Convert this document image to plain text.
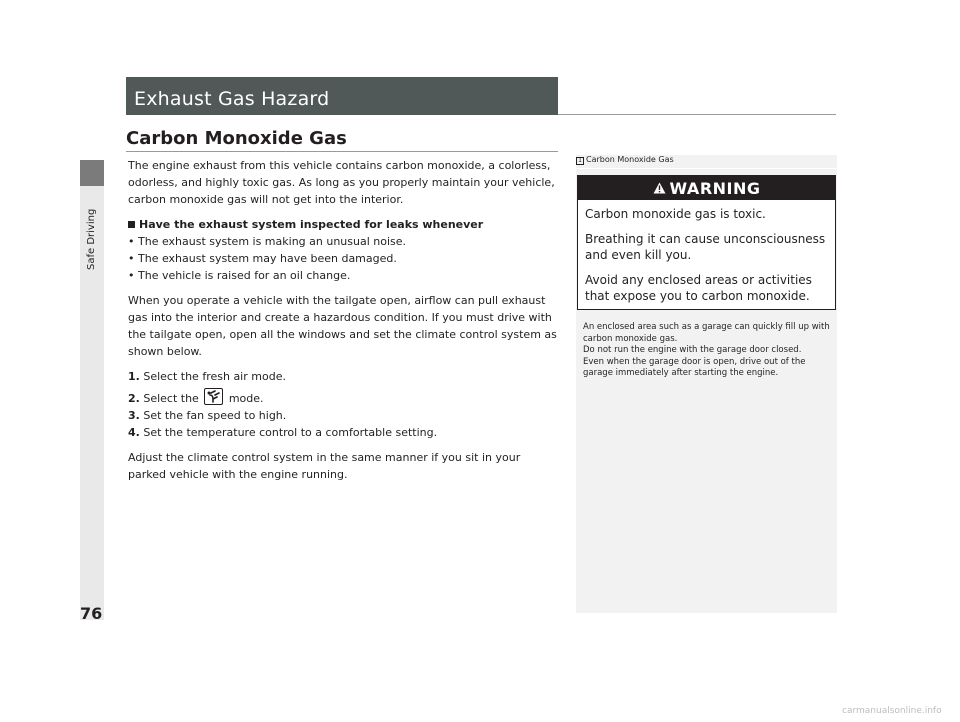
Safe Driving
76
Exhaust Gas Hazard
Carbon Monoxide Gas

The engine exhaust from this vehicle contains carbon monoxide, a colorless, odorless, and highly toxic gas. As long as you properly maintain your vehicle, carbon monoxide gas will not get into the interior.

Have the exhaust system inspected for leaks whenever

• The exhaust system is making an unusual noise.

• The exhaust system may have been damaged.

• The vehicle is raised for an oil change.

When you operate a vehicle with the tailgate open, airflow can pull exhaust gas into the interior and create a hazardous condition. If you must drive with the tailgate open, open all the windows and set the climate control system as shown below.

1. Select the fresh air mode.

2. Select the	mode.

3. Set the fan speed to high.

4. Set the temperature control to a comfortable setting.

Adjust the climate control system in the same manner if you sit in your parked vehicle with the engine running.

1 Carbon Monoxide Gas
WARNING

Carbon monoxide gas is toxic.

Breathing it can cause unconsciousness and even kill you.

Avoid any enclosed areas or activities that expose you to carbon monoxide.

An enclosed area such as a garage can quickly fill up with carbon monoxide gas.

Do not run the engine with the garage door closed.

Even when the garage door is open, drive out of the garage immediately after starting the engine.

carmanualsonline.info
